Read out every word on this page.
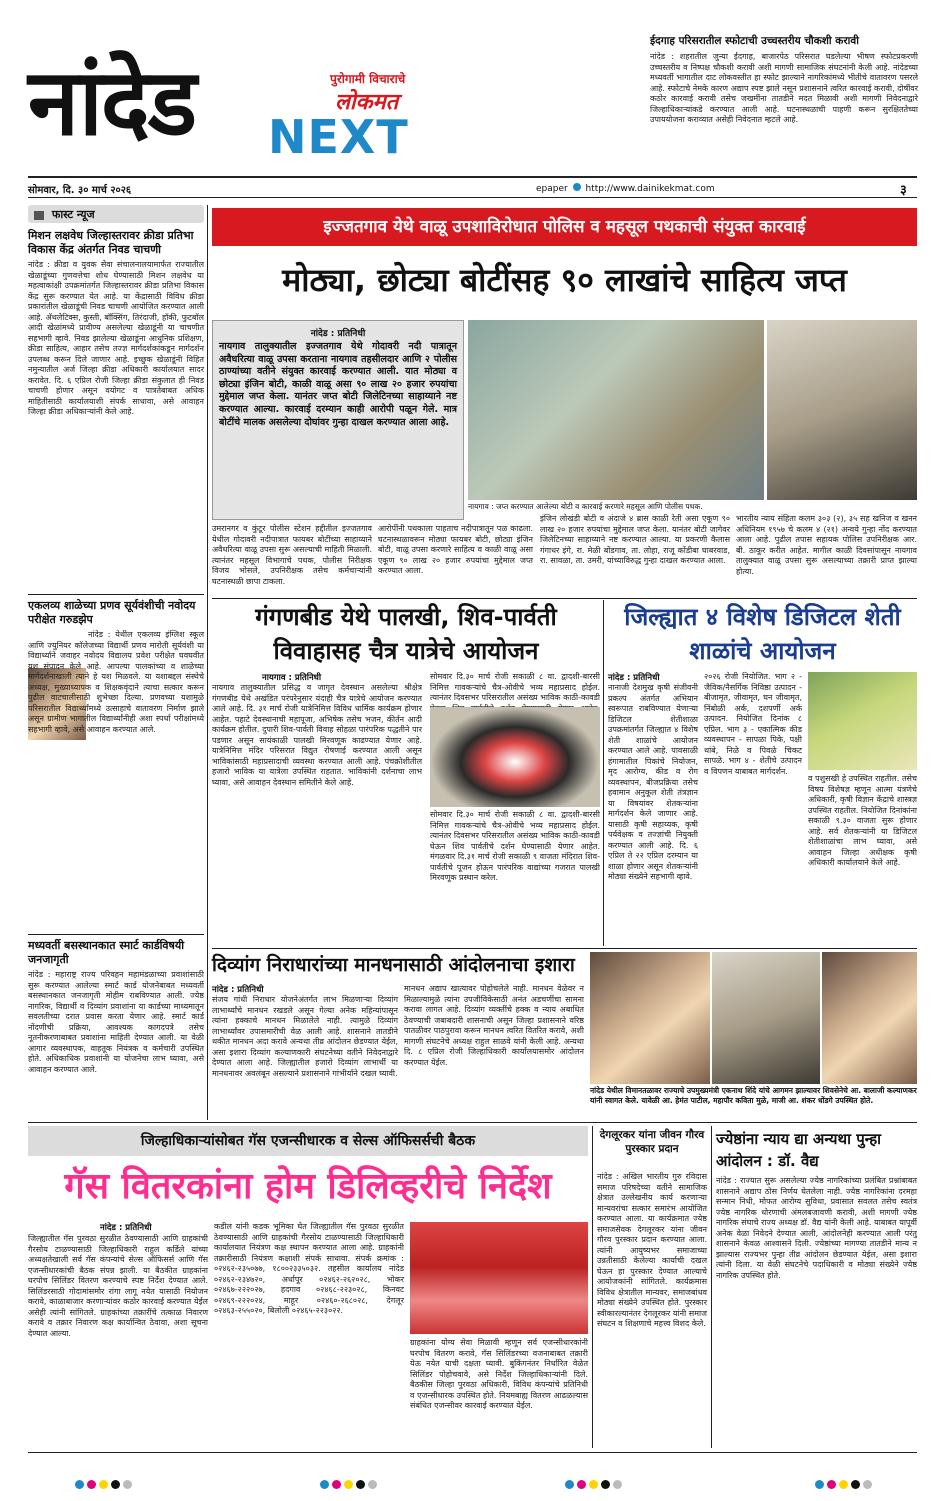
नांदेड	पुरोगामी विचाराचे
लोकमत
NEXT
ईदगाह परिसरातील स्फोटाची उच्चस्तरीय चौकशी करावी
नांदेड : शहरातील जुन्या ईदगाह, बाजारपेठ परिसरात घडलेल्या भीषण स्फोटप्रकरणी उच्चस्तरीय व निष्पक्ष चौकशी करावी अशी मागणी सामाजिक संघटनांनी केली आहे. नांदेडच्या मध्यवर्ती भागातील दाट लोकवस्तीत हा स्फोट झाल्याने नागरिकांमध्ये भीतीचे वातावरण पसरले आहे. स्फोटाचे नेमके कारण अद्याप स्पष्ट झाले नसून प्रशासनाने त्वरित कारवाई करावी, दोषींवर कठोर कारवाई करावी तसेच जखमींना तातडीने मदत मिळावी अशी मागणी निवेदनाद्वारे जिल्हाधिकाऱ्यांकडे करण्यात आली आहे. घटनास्थळाची पाहणी करून सुरक्षिततेच्या उपाययोजना कराव्यात असेही निवेदनात म्हटले आहे.
सोमवार, दि. ३० मार्च २०२६	epaper http://www.dainikekmat.com	३
फास्ट न्यूज
मिशन लक्षवेध जिल्हास्तरावर क्रीडा प्रतिभा विकास केंद्र अंतर्गत निवड चाचणी
नांदेड : क्रीडा व युवक सेवा संचालनालयामार्फत राज्यातील खेळाडूंच्या गुणवत्तेचा शोध घेण्यासाठी मिशन लक्षवेध या महत्वाकांक्षी उपक्रमांतर्गत जिल्हास्तरावर क्रीडा प्रतिभा विकास केंद्र सुरू करण्यात येत आहे. या केंद्रासाठी विविध क्रीडा प्रकारांतील खेळाडूंची निवड चाचणी आयोजित करण्यात आली आहे. ॲथलेटिक्स, कुस्ती, बॉक्सिंग, तिरंदाजी, हॉकी, फुटबॉल आदी खेळांमध्ये प्रावीण्य असलेल्या खेळाडूंनी या चाचणीत सहभागी व्हावे. निवड झालेल्या खेळाडूंना आधुनिक प्रशिक्षण, क्रीडा साहित्य, आहार तसेच तज्ज्ञ मार्गदर्शकांकडून मार्गदर्शन उपलब्ध करून दिले जाणार आहे. इच्छुक खेळाडूंनी विहित नमुन्यातील अर्ज जिल्हा क्रीडा अधिकारी कार्यालयात सादर करावेत. दि. ६ एप्रिल रोजी जिल्हा क्रीडा संकुलात ही निवड चाचणी होणार असून वयोगट व पात्रतेबाबत अधिक माहितीसाठी कार्यालयाशी संपर्क साधावा, असे आवाहन जिल्हा क्रीडा अधिकाऱ्यांनी केले आहे.
एकलव्य शाळेच्या प्रणव सूर्यवंशीची नवोदय परीक्षेत गरुडझेप
नांदेड : येथील एकलव्य इंग्लिश स्कूल आणि ज्युनियर कॉलेजच्या विद्यार्थी प्रणव मारोती सूर्यवंशी या विद्यार्थ्याने जवाहर नवोदय विद्यालय प्रवेश परीक्षेत घवघवीत यश संपादन केले आहे. आपल्या पालकांच्या व शाळेच्या मार्गदर्शनाखाली त्याने हे यश मिळवले. या यशाबद्दल संस्थेचे अध्यक्ष, मुख्याध्यापक व शिक्षकवृंदाने त्याचा सत्कार करून पुढील वाटचालीसाठी शुभेच्छा दिल्या. प्रणवच्या यशामुळे परिसरातील विद्यार्थ्यांमध्ये उत्साहाचे वातावरण निर्माण झाले असून ग्रामीण भागातील विद्यार्थ्यांनीही अशा स्पर्धा परीक्षांमध्ये सहभागी व्हावे, असे आवाहन करण्यात आले.
मध्यवर्ती बसस्थानकात स्मार्ट कार्डविषयी जनजागृती
नांदेड : महाराष्ट्र राज्य परिवहन महामंडळाच्या प्रवाशांसाठी सुरू करण्यात आलेल्या स्मार्ट कार्ड योजनेबाबत मध्यवर्ती बसस्थानकात जनजागृती मोहीम राबविण्यात आली. ज्येष्ठ नागरिक, विद्यार्थी व दिव्यांग प्रवाशांना या कार्डच्या माध्यमातून सवलतीच्या दरात प्रवास करता येणार आहे. स्मार्ट कार्ड नोंदणीची प्रक्रिया, आवश्यक कागदपत्रे तसेच नूतनीकरणाबाबत प्रवाशांना माहिती देण्यात आली. या वेळी आगार व्यवस्थापक, वाहतूक नियंत्रक व कर्मचारी उपस्थित होते. अधिकाधिक प्रवाशांनी या योजनेचा लाभ घ्यावा, असे आवाहन करण्यात आले.
इज्जतगाव येथे वाळू उपशाविरोधात पोलिस व महसूल पथकाची संयुक्त कारवाई
मोठ्या, छोट्या बोटींसह ९० लाखांचे साहित्य जप्त
नांदेड : प्रतिनिधी
नायगाव तालुक्यातील इज्जतगाव येथे गोदावरी नदी पात्रातून अवैधरित्या वाळू उपसा करताना नायगाव तहसीलदार आणि २ पोलीस ठाण्यांच्या वतीने संयुक्त कारवाई करण्यात आली. यात मोठ्या व छोट्या इंजिन बोटी, काळी वाळू असा ९० लाख २० हजार रुपयांचा मुद्देमाल जप्त केला. यानंतर जप्त बोटी जिलेटिनच्या साहाय्याने नष्ट करण्यात आल्या. कारवाई दरम्यान काही आरोपी पळून गेले. मात्र बोटींचे मालक असलेल्या दोघांवर गुन्हा दाखल करण्यात आला आहे.
नायगाव : जप्त करण्यात आलेल्या बोटी व कारवाई करणारे महसूल आणि पोलीस पथक.
उमरानगर व कुंटूर पोलीस स्टेशन हद्दीतील इज्जतगाव येथील गोदावरी नदीपात्रात फायबर बोटींच्या साहाय्याने अवैधरित्या वाळू उपसा सुरू असल्याची माहिती मिळाली. त्यानंतर महसूल विभागाचे पथक, पोलीस निरीक्षक विजय भोसले, उपनिरीक्षक तसेच कर्मचाऱ्यांनी घटनास्थळी छापा टाकला.
आरोपींनी पथकाला पाहताच नदीपात्रातून पळ काढला. घटनास्थळावरून मोठ्या फायबर बोटी, छोट्या इंजिन बोटी, वाळू उपसा करणारे साहित्य व काळी वाळू असा एकूण ९० लाख २० हजार रुपयांचा मुद्देमाल जप्त करण्यात आला.
इंजिन लोखंडी बोटी व अंदाजे ४ ब्रास काळी रेती असा एकूण ९० लाख २० हजार रुपयांचा मुद्देमाल जप्त केला. यानंतर बोटी जागेवर जिलेटिनच्या साहाय्याने नष्ट करण्यात आल्या. या प्रकरणी कैलास गंगाधर इंगे, रा. मेळी बोंडगाव, ता. लोहा, राजू कोंडीबा घाबरवाड, रा. सावळा, ता. उमरी, यांच्याविरुद्ध गुन्हा दाखल करण्यात आला.
भारतीय न्याय संहिता कलम ३०३ (२), ३५ सह खनिज व खनन अधिनियम १९५७ चे कलम ४ (२१) अन्वये गुन्हा नोंद करण्यात आला आहे. पुढील तपास सहायक पोलिस उपनिरीक्षक आर. बी. ठाकूर करीत आहेत. मागील काळी दिवसांपासून नायगाव तालुक्यात वाळू उपसा सुरू असल्याच्या तक्रारी प्राप्त झाल्या होत्या.
गंगणबीड येथे पालखी, शिव-पार्वती विवाहासह चैत्र यात्रेचे आयोजन
नायगाव : प्रतिनिधी
नायगाव तालुक्यातील प्रसिद्ध व जागृत देवस्थान असलेल्या श्रीक्षेत्र गंगणबीड येथे अखंडित परंपरेनुसार यंदाही चैत्र यात्रेचे आयोजन करण्यात आले आहे. दि. ३१ मार्च रोजी यात्रेनिमित्त विविध धार्मिक कार्यक्रम होणार आहेत. पहाटे देवस्थानाची महापूजा, अभिषेक तसेच भजन, कीर्तन आदी कार्यक्रम होतील. दुपारी शिव-पार्वती विवाह सोहळा पारंपरिक पद्धतीने पार पडणार असून सायंकाळी पालखी मिरवणूक काढण्यात येणार आहे. यात्रेनिमित्त मंदिर परिसरात विद्युत रोषणाई करण्यात आली असून भाविकांसाठी महाप्रसादाची व्यवस्था करण्यात आली आहे. पंचक्रोशीतील हजारो भाविक या यात्रेला उपस्थित राहतात. भाविकांनी दर्शनाचा लाभ घ्यावा, असे आवाहन देवस्थान समितीने केले आहे.
सोमवार दि.३० मार्च रोजी सकाळी ८ वा. द्वादशी-बारसी निमित्त गावकऱ्यांचे चैत्र-ओवीचे भव्य महाप्रसाद होईल. त्यानंतर दिवसभर परिसरातील असंख्य भाविक काठी-कावडी
सोमवार दि.३० मार्च रोजी सकाळी ८ वा. द्वादशी-बारसी निमित्त गावकऱ्यांचे चैत्र-ओवीचे भव्य महाप्रसाद होईल. त्यानंतर दिवसभर परिसरातील असंख्य भाविक काठी-कावडी घेऊन शिव पार्वतीचे दर्शन घेण्यासाठी येणार आहेत. मंगळवार दि.३१ मार्च रोजी सकाळी ९ वाजता मंदिरात शिव-पार्वतीचे पूजन होऊन पारंपरिक वाद्यांच्या गजरात पालखी मिरवणूक प्रस्थान करेल.
जिल्ह्यात ४ विशेष डिजिटल शेती शाळांचे आयोजन
नांदेड : प्रतिनिधी
नानाजी देशमुख कृषी संजीवनी प्रकल्प अंतर्गत अभियान स्वरूपात राबविण्यात येणाऱ्या डिजिटल शेतीशाळा उपक्रमांतर्गत जिल्ह्यात ४ विशेष शेती शाळांचे आयोजन करण्यात आले आहे. पावसाळी हंगामातील पिकांचे नियोजन, मृद आरोग्य, कीड व रोग व्यवस्थापन, बीजप्रक्रिया तसेच हवामान अनुकूल शेती तंत्रज्ञान या विषयांवर शेतकऱ्यांना मार्गदर्शन केले जाणार आहे. यासाठी कृषी सहाय्यक, कृषी पर्यवेक्षक व तज्ज्ञांची नियुक्ती करण्यात आली आहे. दि. ६ एप्रिल ते २२ एप्रिल दरम्यान या शाळा होणार असून शेतकऱ्यांनी मोठ्या संख्येने सहभागी व्हावे.
२०२६ रोजी नियोजित. भाग २ - जैविक/नैसर्गिक निविष्ठा उत्पादन - बीजामृत, जीवामृत, घन जीवामृत, निंबोळी अर्क, दशपर्णी अर्क उत्पादन. नियोजित दिनांक ८ एप्रिल. भाग ३ - एकात्मिक कीड व्यवस्थापन - सापळा पिके, पक्षी थांबे, निळे व पिवळे चिकट सापळे. भाग ४ - शेतीचे उत्पादन व विपणन याबाबत मार्गदर्शन.
व पशुसखी हे उपस्थित राहतील. तसेच विषय विशेषज्ञ म्हणून आत्मा यंत्रणेचे अधिकारी, कृषी विज्ञान केंद्राचे शास्त्रज्ञ उपस्थित राहतील. नियोजित दिनांकांना सकाळी ९.३० वाजता सुरू होणार आहे. सर्व शेतकऱ्यांनी या डिजिटल शेतीशाळांचा लाभ घ्यावा, असे आवाहन जिल्हा अधीक्षक कृषी अधिकारी कार्यालयाने केले आहे.
दिव्यांग निराधारांच्या मानधनासाठी आंदोलनाचा इशारा
नांदेड : प्रतिनिधी
संजय गांधी निराधार योजनेअंतर्गत लाभ मिळणाऱ्या दिव्यांग लाभार्थ्यांचे मानधन रखडले असून गेल्या अनेक महिन्यांपासून त्यांना हक्काचे मानधन मिळालेले नाही. त्यामुळे दिव्यांग लाभार्थ्यांवर उपासमारीची वेळ आली आहे. शासनाने तातडीने थकीत मानधन अदा करावे अन्यथा तीव्र आंदोलन छेडण्यात येईल, असा इशारा दिव्यांग कल्याणकारी संघटनेच्या वतीने निवेदनाद्वारे देण्यात आला आहे. जिल्ह्यातील हजारो दिव्यांग लाभार्थी या मानधनावर अवलंबून असल्याने प्रशासनाने गांभीर्याने दखल घ्यावी.
मानधन अद्याप खात्यावर पोहोचलेले नाही. मानधन वेळेवर न मिळाल्यामुळे त्यांना उपजीविकेसाठी अनंत अडचणींचा सामना करावा लागत आहे. दिव्यांग व्यक्तींचे हक्क व न्याय अबाधित ठेवण्याची जबाबदारी शासनाची असून जिल्हा प्रशासनाने वरिष्ठ पातळीवर पाठपुरावा करून मानधन त्वरित वितरित करावे, अशी मागणी संघटनेचे अध्यक्ष राहुल साळवे यांनी केली आहे. अन्यथा दि. ८ एप्रिल रोजी जिल्हाधिकारी कार्यालयासमोर आंदोलन करण्यात येईल.
नांदेड येथील विमानतळावर राज्याचे उपमुख्यमंत्री एकनाथ शिंदे यांचे आगमन झाल्यावर शिवसेनेचे आ. बालाजी कल्याणकर यांनी स्वागत केले. यावेळी आ. हेमंत पाटील, महापौर कविता मुळे, माजी आ. शंकर धोंडगे उपस्थित होते.
जिल्हाधिकाऱ्यांसोबत गॅस एजन्सीधारक व सेल्स ऑफिसर्सची बैठक
गॅस वितरकांना होम डिलिव्हरीचे निर्देश
नांदेड : प्रतिनिधी
जिल्ह्यातील गॅस पुरवठा सुरळीत ठेवण्यासाठी आणि ग्राहकांची गैरसोय टाळण्यासाठी जिल्हाधिकारी राहुल कर्डिले यांच्या अध्यक्षतेखाली सर्व गॅस कंपन्यांचे सेल्स ऑफिसर्स आणि गॅस एजन्सीधारकांची बैठक संपन्न झाली. या बैठकीत ग्राहकांना घरपोच सिलिंडर वितरण करण्याचे स्पष्ट निर्देश देण्यात आले. सिलिंडरसाठी गोदामांसमोर रांगा लागू नयेत यासाठी नियोजन करावे, काळाबाजार करणाऱ्यांवर कठोर कारवाई करण्यात येईल असेही त्यांनी सांगितले. ग्राहकांच्या तक्रारींचे तत्काळ निवारण करावे व तक्रार निवारण कक्ष कार्यान्वित ठेवावा, अशा सूचना देण्यात आल्या.
कडील यांनी कडक भूमिका घेत जिल्ह्यातील गॅस पुरवठा सुरळीत ठेवण्यासाठी आणि ग्राहकांची गैरसोय टाळण्यासाठी जिल्हाधिकारी कार्यालयात नियंत्रण कक्ष स्थापन करण्यात आला आहे. ग्राहकांनी तक्रारीसाठी नियंत्रण कक्षाशी संपर्क साधावा. संपर्क क्रमांक : ०२४६२-२३५०७७, १८००२३३५०३२. तहसील कार्यालय नांदेड ०२४६२-२३४७२०, अर्धापूर ०२४६२-२६२०२८, भोकर ०२४६७-२२२०२७, हदगाव ०२४६८-२२३०२८, किनवट ०२४६९-२२२०२४, माहूर ०२४६०-२६८०२८, देगलूर ०२४६३-२५५०२०, बिलोली ०२४६५-२२३०२२.
ग्राहकांना योग्य सेवा मिळावी म्हणून सर्व एजन्सीधारकांनी घरपोच वितरण करावे, गॅस सिलिंडरच्या वजनाबाबत तक्रारी येऊ नयेत याची दक्षता घ्यावी. बुकिंगनंतर निर्धारित वेळेत सिलिंडर पोहोचवावे, असे निर्देश जिल्हाधिकाऱ्यांनी दिले. बैठकीस जिल्हा पुरवठा अधिकारी, विविध कंपन्यांचे प्रतिनिधी व एजन्सीधारक उपस्थित होते. नियमबाह्य वितरण आढळल्यास संबंधित एजन्सीवर कारवाई करण्यात येईल.
देगलूरकर यांना जीवन गौरव पुरस्कार प्रदान
नांदेड : अखिल भारतीय गुरु रविदास समाज परिषदेच्या वतीने सामाजिक क्षेत्रात उल्लेखनीय कार्य करणाऱ्या मान्यवरांचा सत्कार समारंभ आयोजित करण्यात आला. या कार्यक्रमात ज्येष्ठ समाजसेवक देगलूरकर यांना जीवन गौरव पुरस्कार प्रदान करण्यात आला. त्यांनी आयुष्यभर समाजाच्या उन्नतीसाठी केलेल्या कार्याची दखल घेऊन हा पुरस्कार देण्यात आल्याचे आयोजकांनी सांगितले. कार्यक्रमास विविध क्षेत्रातील मान्यवर, समाजबांधव मोठ्या संख्येने उपस्थित होते. पुरस्कार स्वीकारल्यानंतर देगलूरकर यांनी समाज संघटन व शिक्षणाचे महत्त्व विशद केले.
ज्येष्ठांना न्याय द्या अन्यथा पुन्हा आंदोलन : डॉ. वैद्य
नांदेड : राज्यात सुरू असलेल्या ज्येष्ठ नागरिकांच्या प्रलंबित प्रश्नांबाबत शासनाने अद्याप ठोस निर्णय घेतलेला नाही. ज्येष्ठ नागरिकांना दरमहा सन्मान निधी, मोफत आरोग्य सुविधा, प्रवासात सवलत तसेच स्वतंत्र ज्येष्ठ नागरिक धोरणाची अंमलबजावणी करावी, अशी मागणी ज्येष्ठ नागरिक संघाचे राज्य अध्यक्ष डॉ. वैद्य यांनी केली आहे. याबाबत यापूर्वी अनेक वेळा निवेदने देण्यात आली, आंदोलनेही करण्यात आली परंतु शासनाने केवळ आश्वासने दिली. ज्येष्ठांच्या मागण्या तातडीने मान्य न झाल्यास राज्यभर पुन्हा तीव्र आंदोलन छेडण्यात येईल, असा इशारा त्यांनी दिला. या वेळी संघटनेचे पदाधिकारी व मोठ्या संख्येने ज्येष्ठ नागरिक उपस्थित होते.
